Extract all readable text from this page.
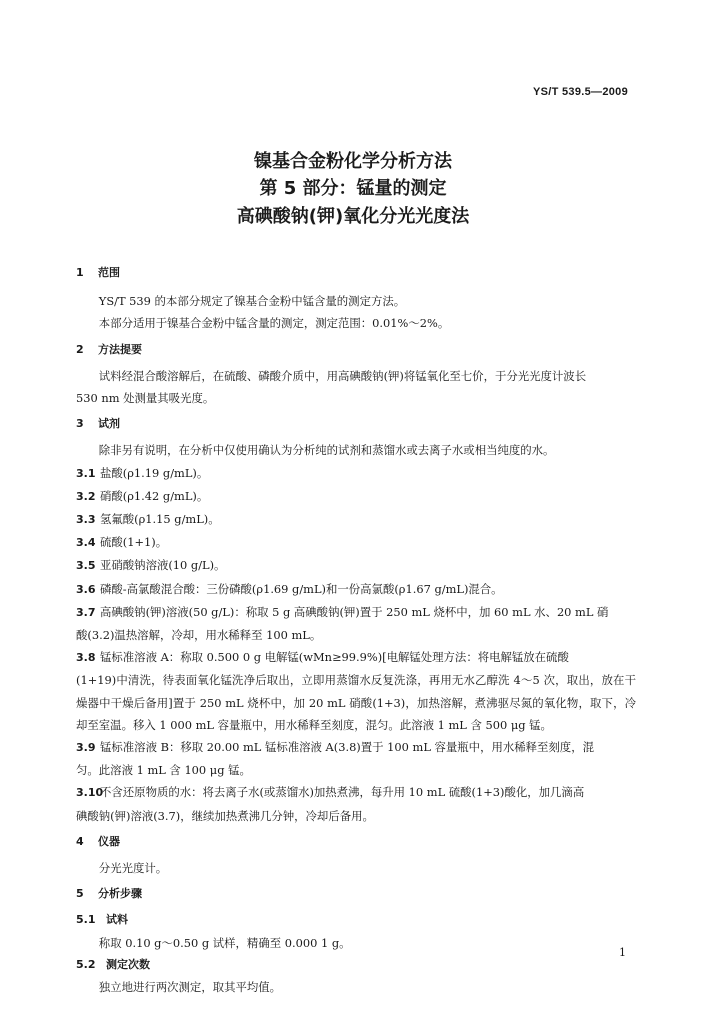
YS/T 539.5—2009
镍基合金粉化学分析方法
第 5 部分：锰量的测定
高碘酸钠(钾)氧化分光光度法
1 范围
YS/T 539 的本部分规定了镍基合金粉中锰含量的测定方法。
本部分适用于镍基合金粉中锰含量的测定，测定范围：0.01%～2%。
2 方法提要
试料经混合酸溶解后，在硫酸、磷酸介质中，用高碘酸钠(钾)将锰氧化至七价，于分光光度计波长
530 nm 处测量其吸光度。
3 试剂
除非另有说明，在分析中仅使用确认为分析纯的试剂和蒸馏水或去离子水或相当纯度的水。
3.1 盐酸(ρ1.19 g/mL)。
3.2 硝酸(ρ1.42 g/mL)。
3.3 氢氟酸(ρ1.15 g/mL)。
3.4 硫酸(1+1)。
3.5 亚硝酸钠溶液(10 g/L)。
3.6 磷酸-高氯酸混合酸：三份磷酸(ρ1.69 g/mL)和一份高氯酸(ρ1.67 g/mL)混合。
3.7 高碘酸钠(钾)溶液(50 g/L)：称取 5 g 高碘酸钠(钾)置于 250 mL 烧杯中，加 60 mL 水、20 mL 硝
酸(3.2)温热溶解，冷却，用水稀释至 100 mL。
3.8 锰标准溶液 A：称取 0.500 0 g 电解锰(wMn≥99.9%)[电解锰处理方法：将电解锰放在硫酸
(1+19)中清洗，待表面氧化锰洗净后取出，立即用蒸馏水反复洗涤，再用无水乙醇洗 4～5 次，取出，放在干燥器中干燥后备用]置于 250 mL 烧杯中，加 20 mL 硝酸(1+3)，加热溶解，煮沸驱尽氮的氧化物，取下，冷却至室温。移入 1 000 mL 容量瓶中，用水稀释至刻度，混匀。此溶液 1 mL 含 500 μg 锰。
3.9 锰标准溶液 B：移取 20.00 mL 锰标准溶液 A(3.8)置于 100 mL 容量瓶中，用水稀释至刻度，混
匀。此溶液 1 mL 含 100 μg 锰。
3.10不含还原物质的水：将去离子水(或蒸馏水)加热煮沸，每升用 10 mL 硫酸(1+3)酸化，加几滴高
碘酸钠(钾)溶液(3.7)，继续加热煮沸几分钟，冷却后备用。
4 仪器
分光光度计。
5 分析步骤
5.1 试料
称取 0.10 g～0.50 g 试样，精确至 0.000 1 g。
5.2 测定次数
独立地进行两次测定，取其平均值。
1
